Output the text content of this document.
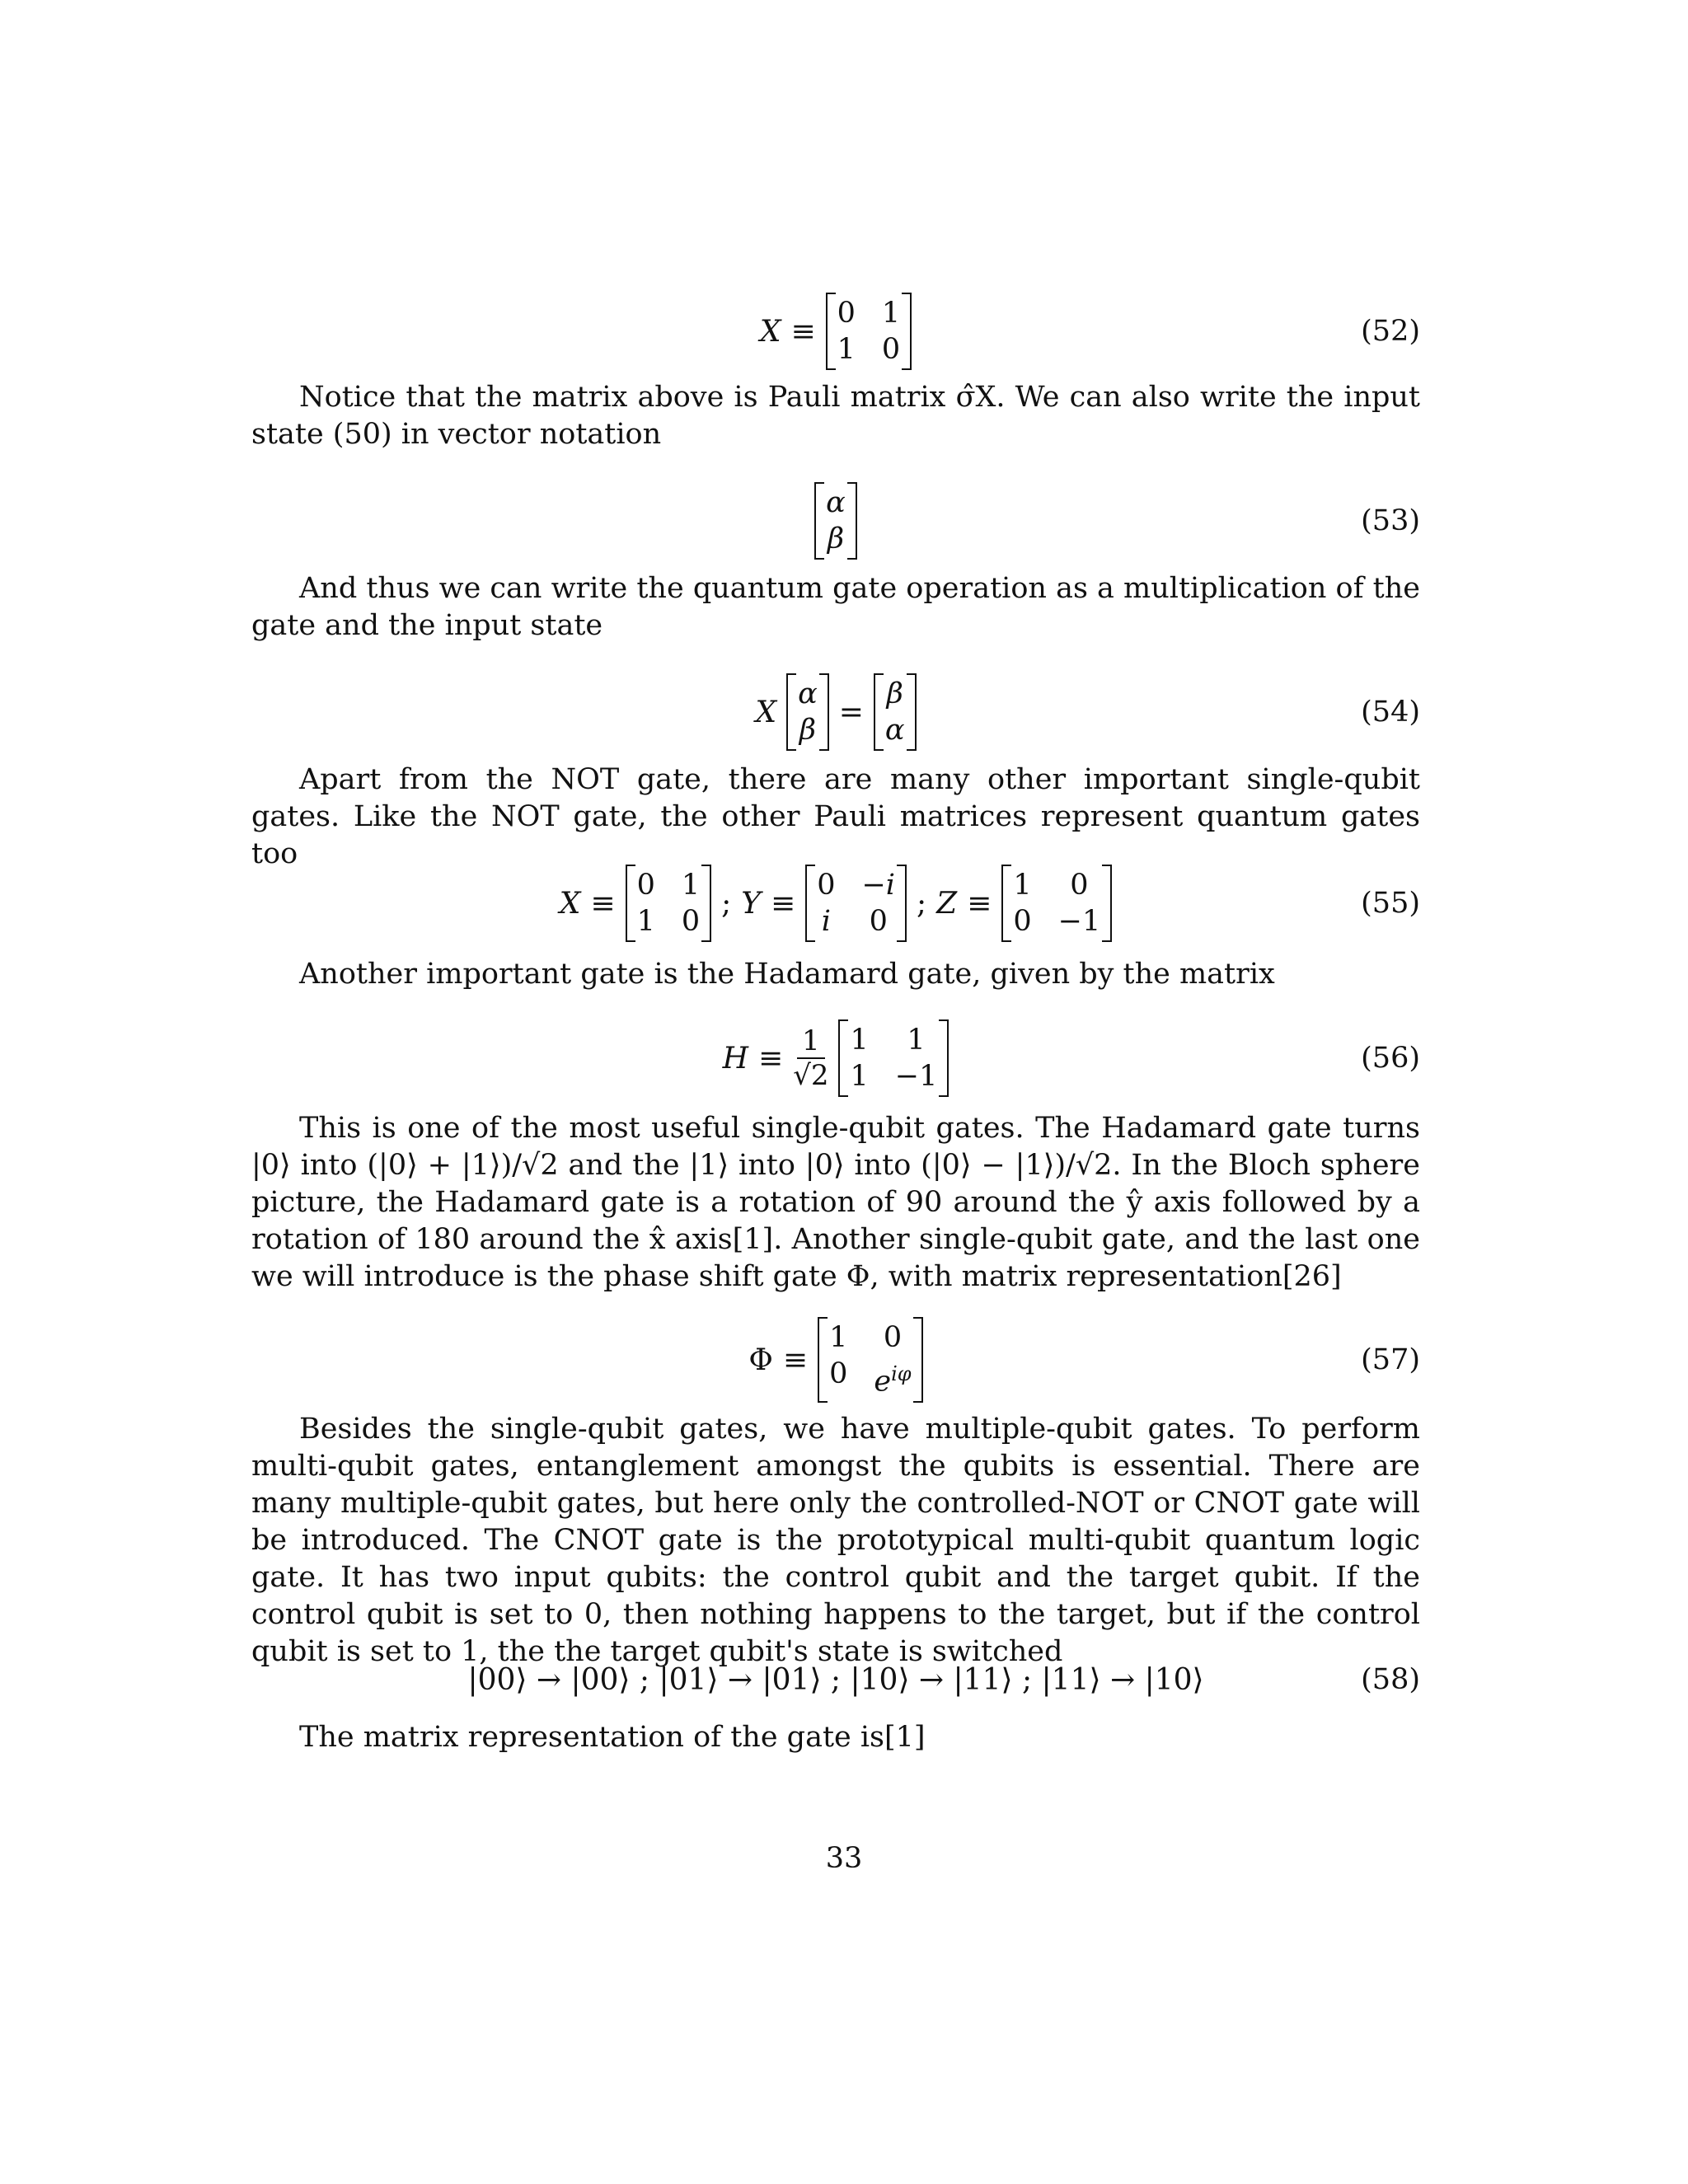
X ≡
0 1
1 0
(52)
Notice that the matrix above is Pauli matrix σ̂X. We can also write the input state (50) in vector notation
α
β
(53)
And thus we can write the quantum gate operation as a multiplication of the gate and the input state
X
α
β
=
β
α
(54)
Apart from the NOT gate, there are many other important single-qubit gates. Like the NOT gate, the other Pauli matrices represent quantum gates too
X ≡
0 1
1 0
; Y ≡
0 −i
i 0
; Z ≡
1	0
0 −1
(55)
Another important gate is the Hadamard gate, given by the matrix
$H \equiv \frac{1}{√2} 1$	1
1 −1
(56)
This is one of the most useful single-qubit gates. The Hadamard gate turns |0⟩ into (|0⟩ + |1⟩)/√2 and the |1⟩ into |0⟩ into (|0⟩ − |1⟩)/√2. In the Bloch sphere picture, the Hadamard gate is a rotation of 90 around the ŷ axis followed by a rotation of 180 around the x̂ axis[1]. Another single-qubit gate, and the last one we will introduce is the phase shift gate Φ, with matrix representation[26]
Φ ≡
1	0
0 $e^{i\varphi}$	(57)
Besides the single-qubit gates, we have multiple-qubit gates. To perform multi-qubit gates, entanglement amongst the qubits is essential. There are many multiple-qubit gates, but here only the controlled-NOT or CNOT gate will be introduced. The CNOT gate is the prototypical multi-qubit quantum logic gate. It has two input qubits: the control qubit and the target qubit. If the control qubit is set to 0, then nothing happens to the target, but if the control qubit is set to 1, the the target qubit's state is switched
|00⟩ → |00⟩ ; |01⟩ → |01⟩ ; |10⟩ → |11⟩ ; |11⟩ → |10⟩	(58)
The matrix representation of the gate is[1]
33
